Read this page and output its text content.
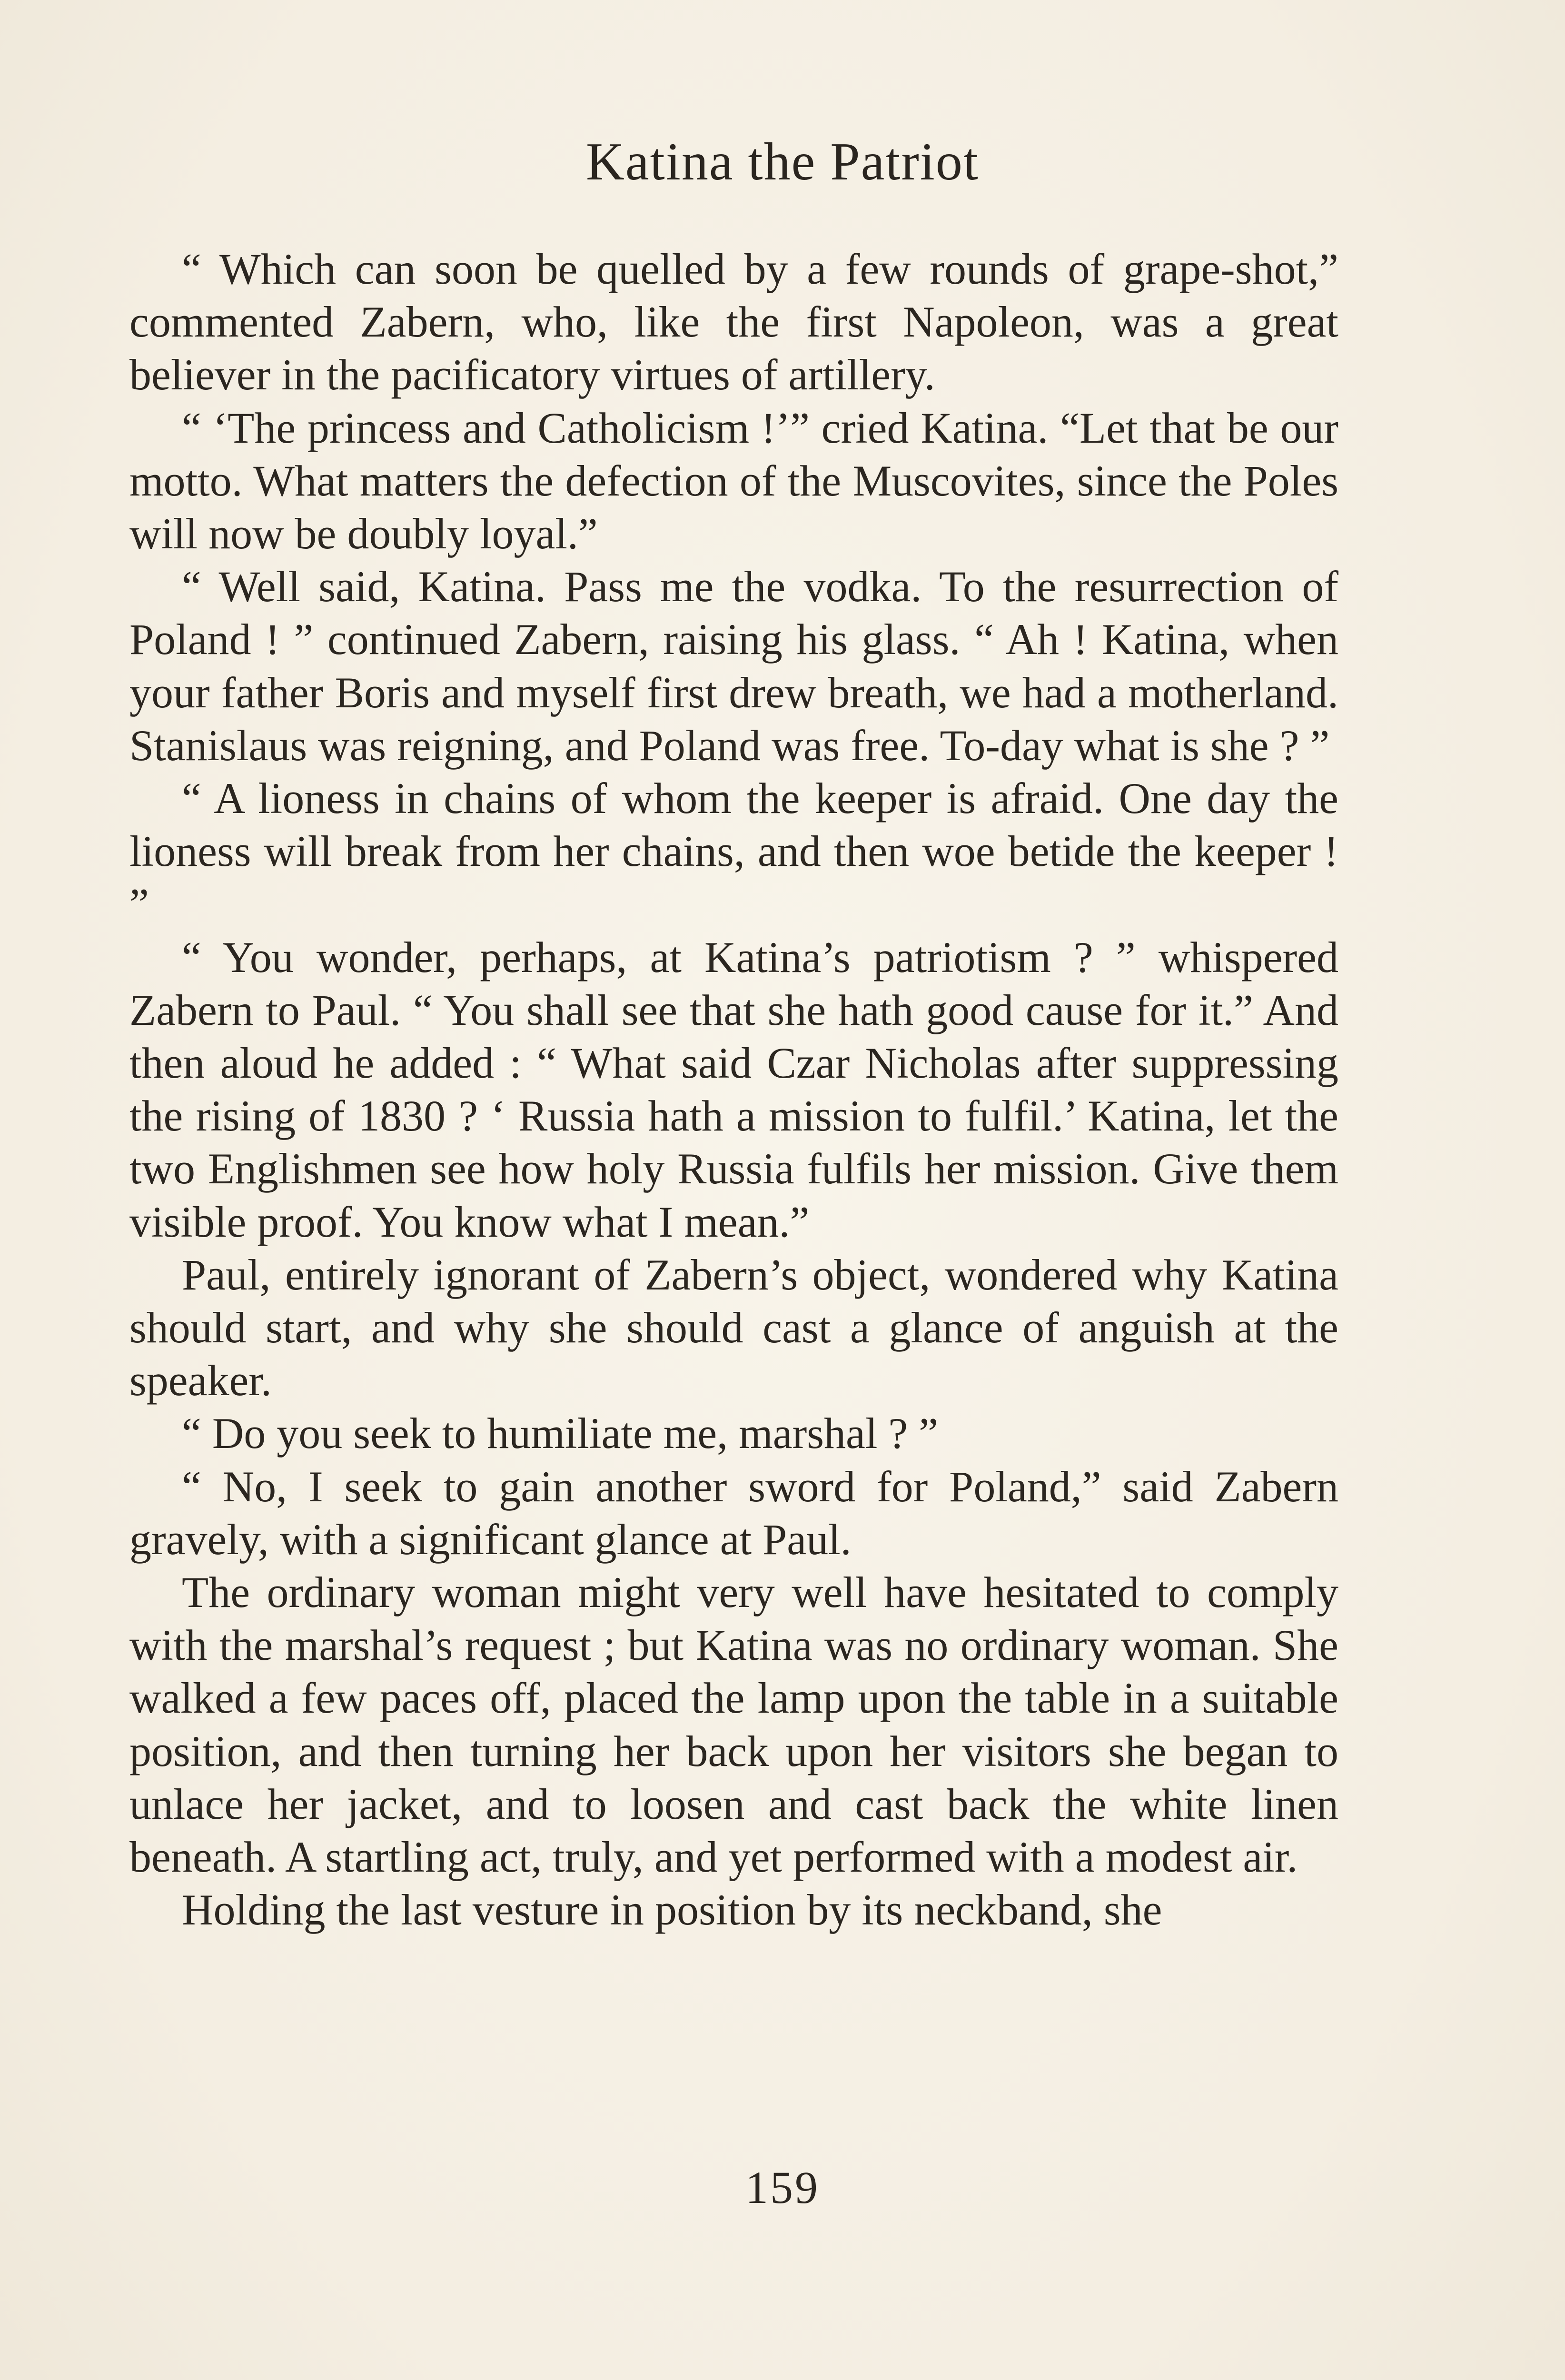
Katina the Patriot

“ Which can soon be quelled by a few rounds of grape-shot,” commented Zabern, who, like the first Napoleon, was a great believer in the pacificatory virtues of artillery.

“ ‘The princess and Catholicism !’” cried Katina. “Let that be our motto. What matters the defection of the Muscovites, since the Poles will now be doubly loyal.”

“ Well said, Katina. Pass me the vodka. To the resurrection of Poland ! ” continued Zabern, raising his glass. “ Ah ! Katina, when your father Boris and myself first drew breath, we had a motherland. Stanislaus was reigning, and Poland was free. To-day what is she ? ”

“ A lioness in chains of whom the keeper is afraid. One day the lioness will break from her chains, and then woe betide the keeper ! ”

“ You wonder, perhaps, at Katina’s patriotism ? ” whispered Zabern to Paul. “ You shall see that she hath good cause for it.” And then aloud he added : “ What said Czar Nicholas after suppressing the rising of 1830 ? ‘ Russia hath a mission to fulfil.’ Katina, let the two Englishmen see how holy Russia fulfils her mission. Give them visible proof. You know what I mean.”

Paul, entirely ignorant of Zabern’s object, wondered why Katina should start, and why she should cast a glance of anguish at the speaker.

“ Do you seek to humiliate me, marshal ? ”

“ No, I seek to gain another sword for Poland,” said Zabern gravely, with a significant glance at Paul.

The ordinary woman might very well have hesitated to comply with the marshal’s request ; but Katina was no ordinary woman. She walked a few paces off, placed the lamp upon the table in a suitable position, and then turning her back upon her visitors she began to unlace her jacket, and to loosen and cast back the white linen beneath. A startling act, truly, and yet performed with a modest air.

Holding the last vesture in position by its neckband, she

159
